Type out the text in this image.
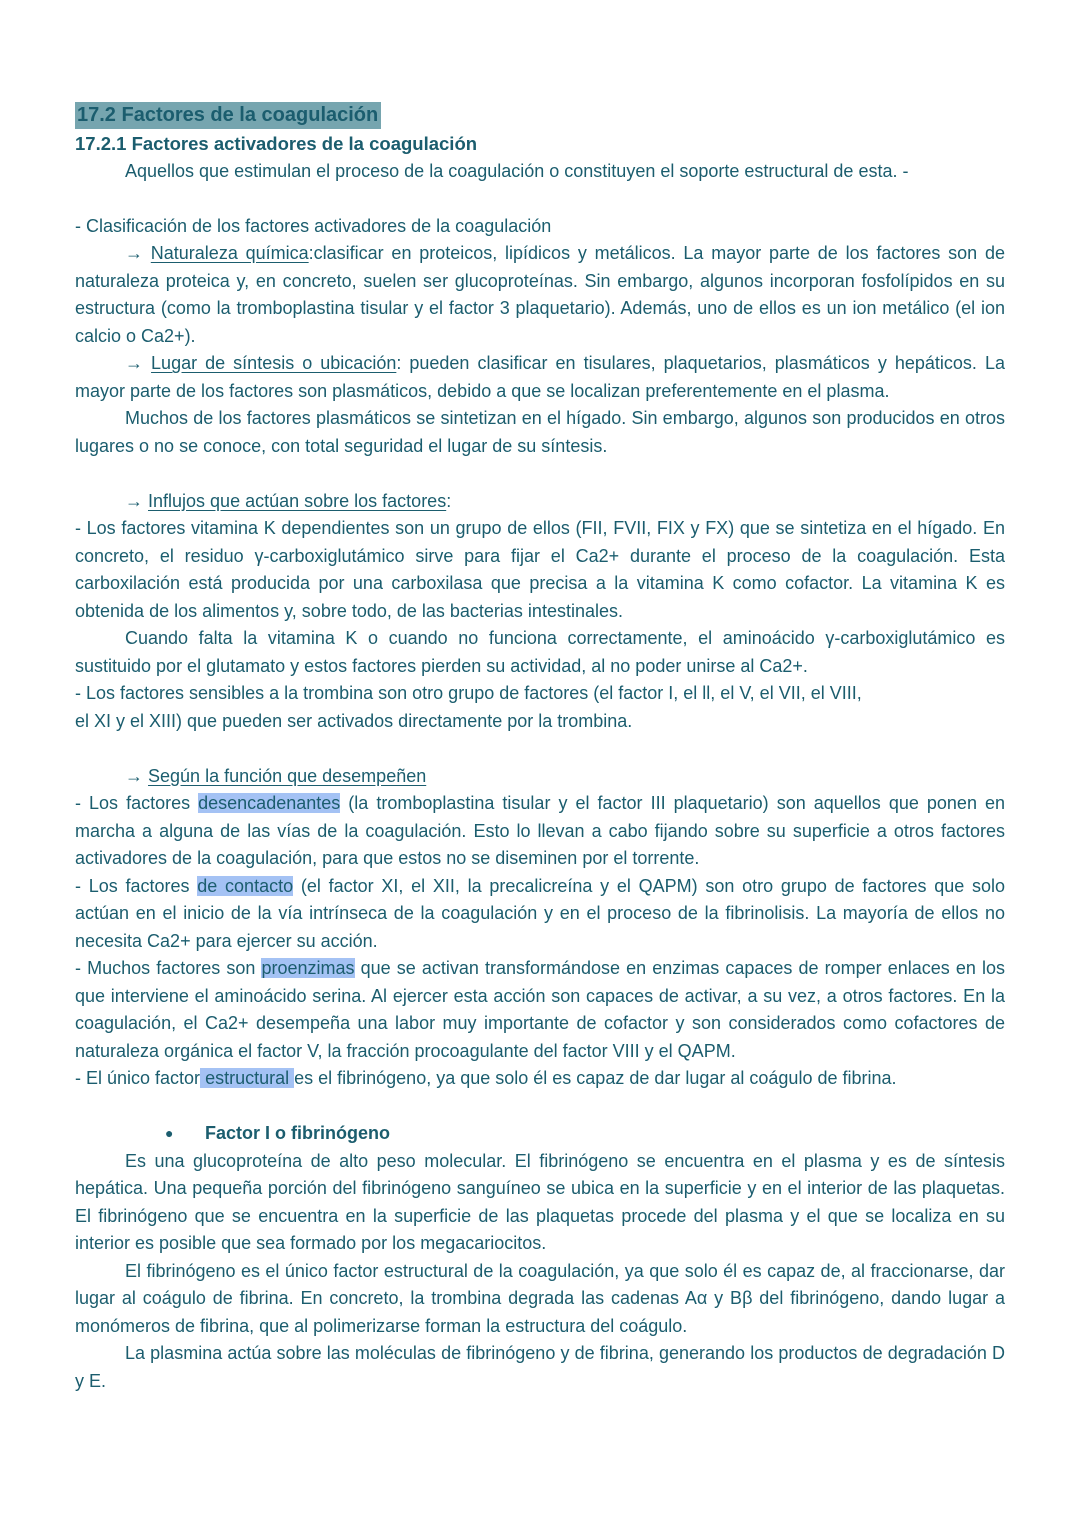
17.2 Factores de la coagulación
17.2.1 Factores activadores de la coagulación
Aquellos que estimulan el proceso de la coagulación o constituyen el soporte estructural de esta. -
- Clasificación de los factores activadores de la coagulación
→ Naturaleza química:clasificar en proteicos, lipídicos y metálicos. La mayor parte de los factores son de naturaleza proteica y, en concreto, suelen ser glucoproteínas. Sin embargo, algunos incorporan fosfolípidos en su estructura (como la tromboplastina tisular y el factor 3 plaquetario). Además, uno de ellos es un ion metálico (el ion calcio o Ca2+).
→ Lugar de síntesis o ubicación: pueden clasificar en tisulares, plaquetarios, plasmáticos y hepáticos. La mayor parte de los factores son plasmáticos, debido a que se localizan preferentemente en el plasma.
Muchos de los factores plasmáticos se sintetizan en el hígado. Sin embargo, algunos son producidos en otros lugares o no se conoce, con total seguridad el lugar de su síntesis.
→ Influjos que actúan sobre los factores:
- Los factores vitamina K dependientes son un grupo de ellos (FII, FVII, FIX y FX) que se sintetiza en el hígado. En concreto, el residuo γ-carboxiglutámico sirve para fijar el Ca2+ durante el proceso de la coagulación. Esta carboxilación está producida por una carboxilasa que precisa a la vitamina K como cofactor. La vitamina K es obtenida de los alimentos y, sobre todo, de las bacterias intestinales.
Cuando falta la vitamina K o cuando no funciona correctamente, el aminoácido γ-carboxiglutámico es sustituido por el glutamato y estos factores pierden su actividad, al no poder unirse al Ca2+.
- Los factores sensibles a la trombina son otro grupo de factores (el factor I, el ll, el V, el VII, el VIII,
el XI y el XIII) que pueden ser activados directamente por la trombina.
→ Según la función que desempeñen
- Los factores desencadenantes (la tromboplastina tisular y el factor III plaquetario) son aquellos que ponen en marcha a alguna de las vías de la coagulación. Esto lo llevan a cabo fijando sobre su superficie a otros factores activadores de la coagulación, para que estos no se diseminen por el torrente.
- Los factores de contacto (el factor XI, el XII, la precalicreína y el QAPM) son otro grupo de factores que solo actúan en el inicio de la vía intrínseca de la coagulación y en el proceso de la fibrinolisis. La mayoría de ellos no necesita Ca2+ para ejercer su acción.
- Muchos factores son proenzimas que se activan transformándose en enzimas capaces de romper enlaces en los que interviene el aminoácido serina. Al ejercer esta acción son capaces de activar, a su vez, a otros factores. En la coagulación, el Ca2+ desempeña una labor muy importante de cofactor y son considerados como cofactores de naturaleza orgánica el factor V, la fracción procoagulante del factor VIII y el QAPM.
- El único factor estructural es el fibrinógeno, ya que solo él es capaz de dar lugar al coágulo de fibrina.
● Factor I o fibrinógeno
Es una glucoproteína de alto peso molecular. El fibrinógeno se encuentra en el plasma y es de síntesis hepática. Una pequeña porción del fibrinógeno sanguíneo se ubica en la superficie y en el interior de las plaquetas. El fibrinógeno que se encuentra en la superficie de las plaquetas procede del plasma y el que se localiza en su interior es posible que sea formado por los megacariocitos.
El fibrinógeno es el único factor estructural de la coagulación, ya que solo él es capaz de, al fraccionarse, dar lugar al coágulo de fibrina. En concreto, la trombina degrada las cadenas Aα y Bβ del fibrinógeno, dando lugar a monómeros de fibrina, que al polimerizarse forman la estructura del coágulo.
La plasmina actúa sobre las moléculas de fibrinógeno y de fibrina, generando los productos de degradación D y E.
